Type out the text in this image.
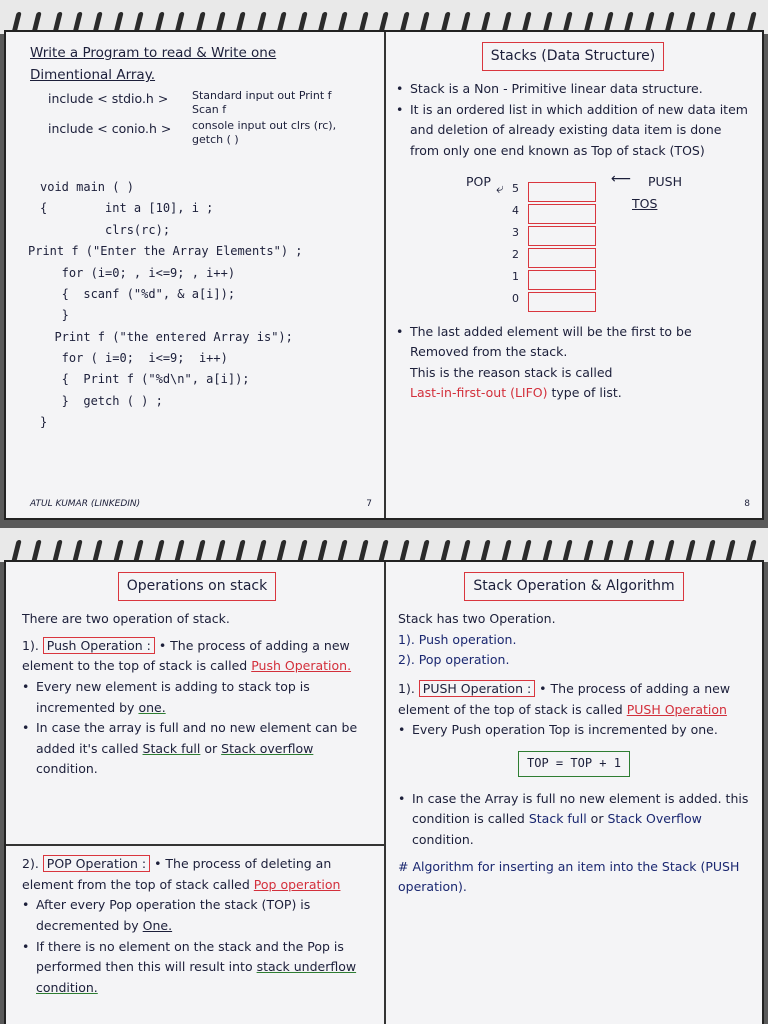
Write a Program to read & Write one
Dimentional Array.

include < stdio.h >	Standard input out Print f Scan f
include < conio.h >	console input out clrs (rc), getch ( )

void main ( )
{        int a [10], i ;
clrs(rc);
Print f ("Enter the Array Elements") ;
for (i=0; , i<=9; , i++)
{  scanf ("%d", & a[i]);
}
Print f ("the entered Array is");
for ( i=0;  i<=9;  i++)
{  Print f ("%d\n", a[i]);
}  getch ( ) ;
}

ATUL KUMAR (LINKEDIN)	7
Stacks (Data Structure)

• Stack is a Non - Primitive linear data structure.

• It is an ordered list in which addition of new data item and deletion of already existing data item is done from only one end known as Top of stack (TOS)

POP ⤶	PUSH
⟵
TOS
5
4
3
2
1
0

• The last added element will be the first to be Removed from the stack.

This is the reason stack is called
Last-in-first-out (LIFO) type of list.

8
Operations on stack

There are two operation of stack.

1). Push Operation : • The process of adding a new element to the top of stack is called Push Operation.

• Every new element is adding to stack top is incremented by one.

• In case the array is full and no new element can be added it's called Stack full or Stack overflow condition.

2). POP Operation : • The process of deleting an element from the top of stack called Pop operation

• After every Pop operation the stack (TOP) is decremented by One.

• If there is no element on the stack and the Pop is performed then this will result into stack underflow condition.

Stack Operation & Algorithm

Stack has two Operation.

1). Push operation.

2). Pop operation.

1). PUSH Operation : • The process of adding a new element of the top of stack is called PUSH Operation

• Every Push operation Top is incremented by one.

TOP = TOP + 1

• In case the Array is full no new element is added. this condition is called Stack full or Stack Overflow condition.

# Algorithm for inserting an item into the Stack (PUSH operation).
